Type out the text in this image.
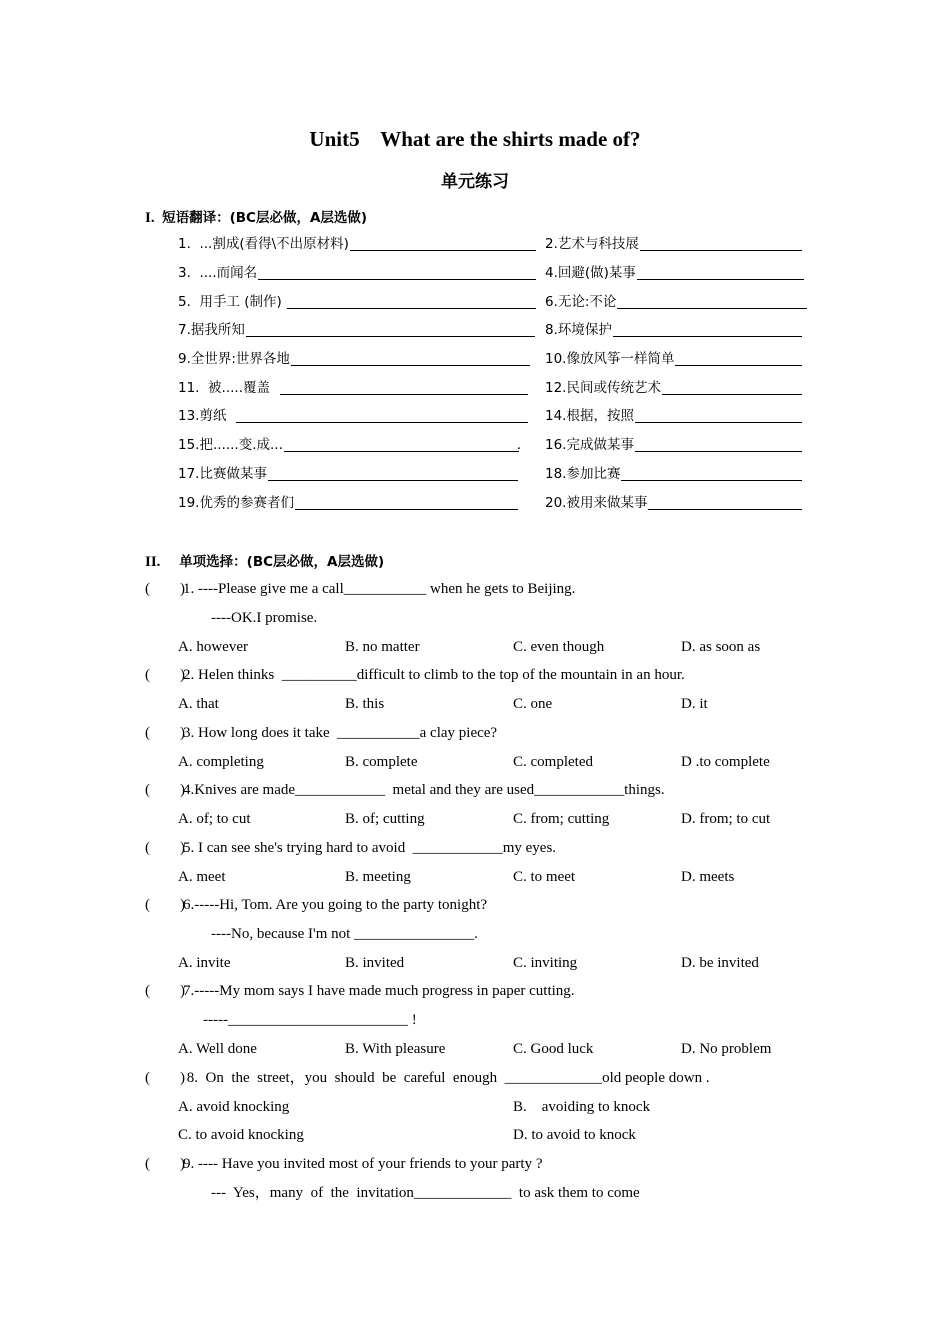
Unit5    What are the shirts made of?
单元练习
I.  短语翻译：(BC层必做，A层选做)
1.  ...割成(看得\不出原材料)	2.艺术与科技展
3.  ....而闻名	4.回避(做)某事
5.  用手工 (制作)	6.无论:不论
7.据我所知	8.环境保护
9.全世界:世界各地	10.像放风筝一样简单
11.  被.....覆盖	12.民间或传统艺术
13.剪纸	14.根据，按照
15.把......变.成...	. 16.完成做某事
17.比赛做某事	18.参加比赛
19.优秀的参赛者们	20.被用来做某事
II.     单项选择：(BC层必做，A层选做)
(        )1. ----Please give me a call___________ when he gets to Beijing.
----OK.I promise.
A. however	B. no matter	C. even though	D. as soon as
(        )2. Helen thinks  __________difficult to climb to the top of the mountain in an hour.
A. that	B. this	C. one	D. it
(        )3. How long does it take  ___________a clay piece?
A. completing	B. complete	C. completed	D .to complete
(        )4.Knives are made____________  metal and they are used____________things.
A. of; to cut	B. of; cutting	C. from; cutting	D. from; to cut
(        )5. I can see she's trying hard to avoid  ____________my eyes.
A. meet	B. meeting	C. to meet	D. meets
(        )6.-----Hi, Tom. Are you going to the party tonight?
----No, because I'm not ________________.
A. invite	B. invited	C. inviting	D. be invited
(        )7.-----My mom says I have made much progress in paper cutting.
-----________________________ !
A. Well done	B. With pleasure	C. Good luck	D. No problem
(        ) 8.  On  the  street，you  should  be  careful  enough  _____________old people down .
A. avoid knocking	B.    avoiding to knock
C. to avoid knocking	D. to avoid to knock
(        )9. ---- Have you invited most of your friends to your party ?
---  Yes，many  of  the  invitation_____________  to ask them to come
